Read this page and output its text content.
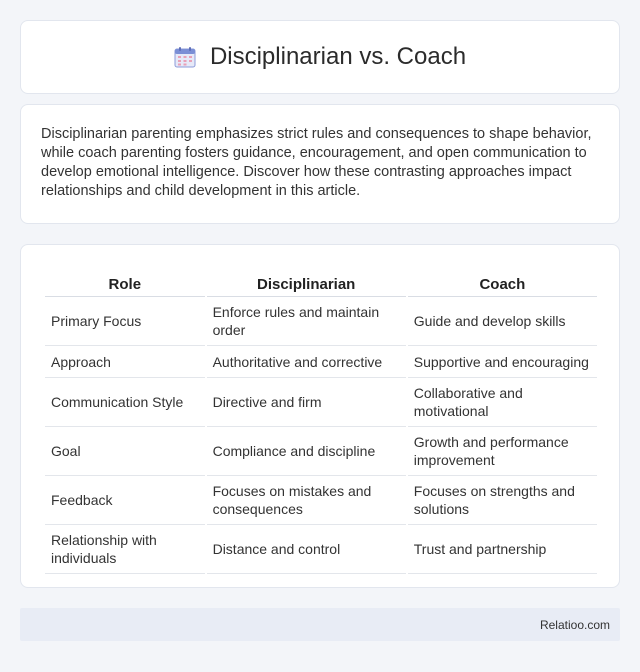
Disciplinarian vs. Coach

Disciplinarian parenting emphasizes strict rules and consequences to shape behavior, while coach parenting fosters guidance, encouragement, and open communication to develop emotional intelligence. Discover how these contrasting approaches impact relationships and child development in this article.

Role	Disciplinarian	Coach
Primary Focus	Enforce rules and maintain order	Guide and develop skills
Approach	Authoritative and corrective	Supportive and encouraging
Communication Style	Directive and firm	Collaborative and motivational
Goal	Compliance and discipline	Growth and performance improvement
Feedback	Focuses on mistakes and consequences	Focuses on strengths and solutions
Relationship with individuals	Distance and control	Trust and partnership
Relatioo.com
